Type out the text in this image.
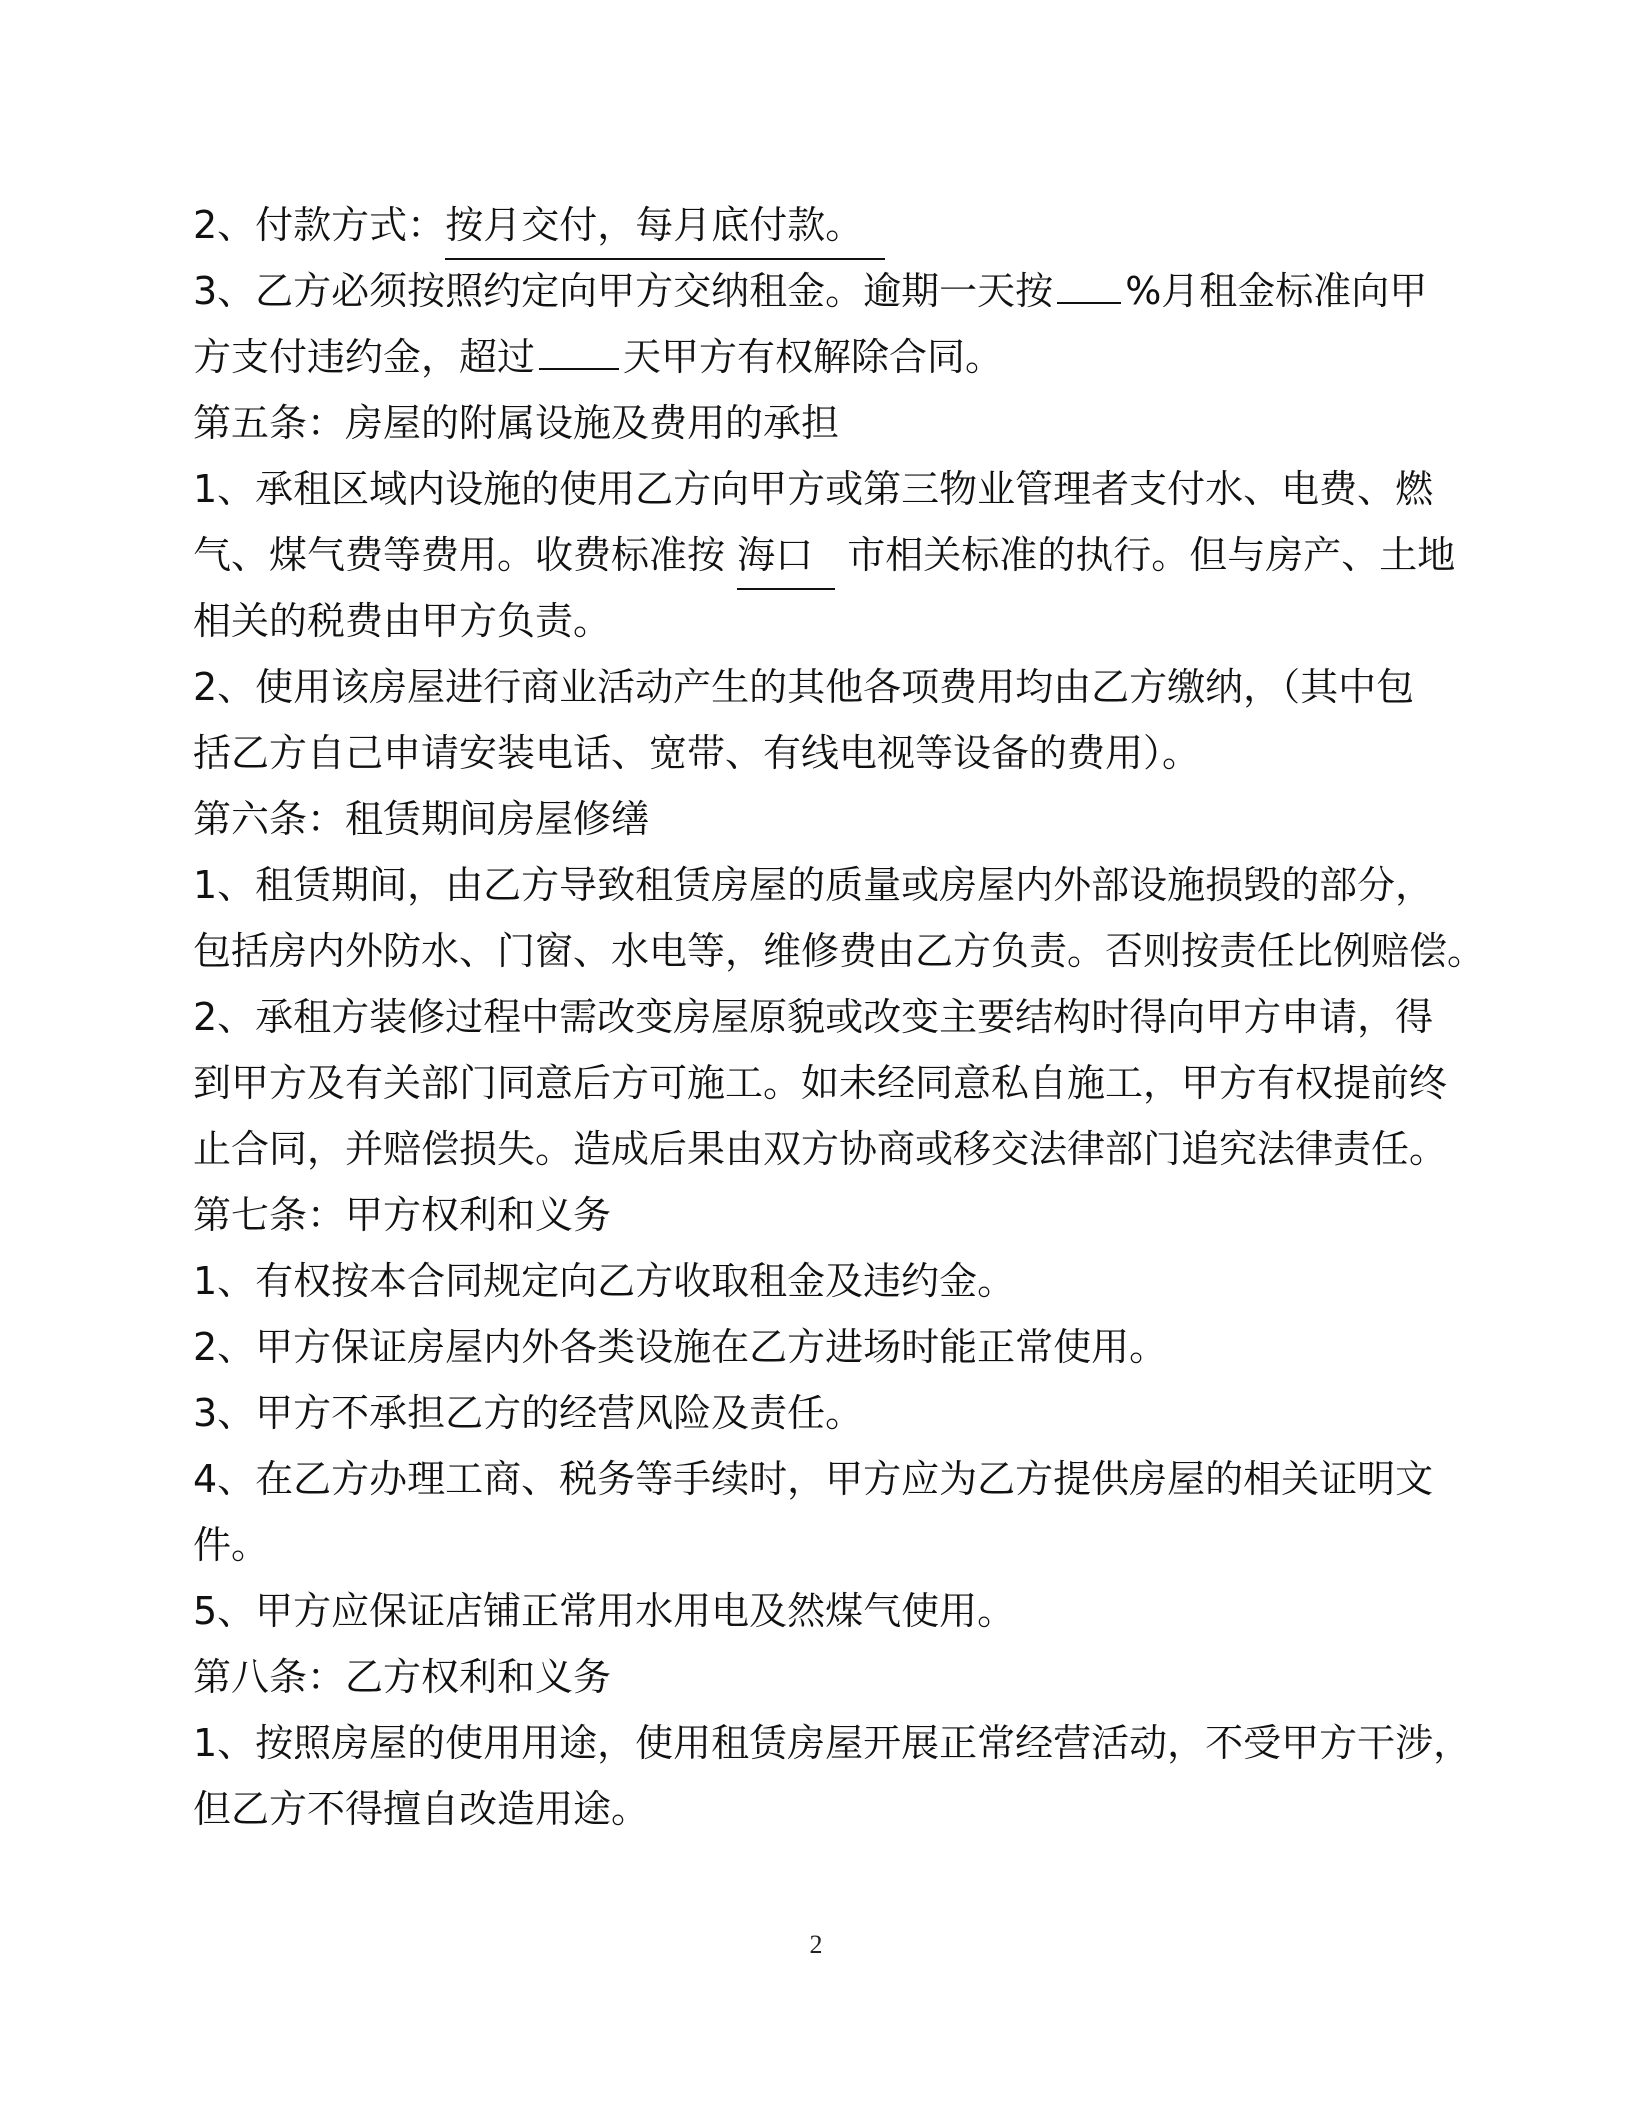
2、付款方式：按月交付，每月底付款。
3、乙方必须按照约定向甲方交纳租金。逾期一天按 %月租金标准向甲
方支付违约金，超过 天甲方有权解除合同。
第五条：房屋的附属设施及费用的承担
1、承租区域内设施的使用乙方向甲方或第三物业管理者支付水、电费、燃
气、煤气费等费用。收费标准按 海口 市相关标准的执行。但与房产、土地
相关的税费由甲方负责。
2、使用该房屋进行商业活动产生的其他各项费用均由乙方缴纳，（其中包
括乙方自己申请安装电话、宽带、有线电视等设备的费用）。
第六条：租赁期间房屋修缮
1、租赁期间，由乙方导致租赁房屋的质量或房屋内外部设施损毁的部分，
包括房内外防水、门窗、水电等，维修费由乙方负责。否则按责任比例赔偿。
2、承租方装修过程中需改变房屋原貌或改变主要结构时得向甲方申请，得
到甲方及有关部门同意后方可施工。如未经同意私自施工，甲方有权提前终
止合同，并赔偿损失。造成后果由双方协商或移交法律部门追究法律责任。
第七条：甲方权利和义务
1、有权按本合同规定向乙方收取租金及违约金。
2、甲方保证房屋内外各类设施在乙方进场时能正常使用。
3、甲方不承担乙方的经营风险及责任。
4、在乙方办理工商、税务等手续时，甲方应为乙方提供房屋的相关证明文
件。
5、甲方应保证店铺正常用水用电及然煤气使用。
第八条：乙方权利和义务
1、按照房屋的使用用途，使用租赁房屋开展正常经营活动，不受甲方干涉，
但乙方不得擅自改造用途。
2
